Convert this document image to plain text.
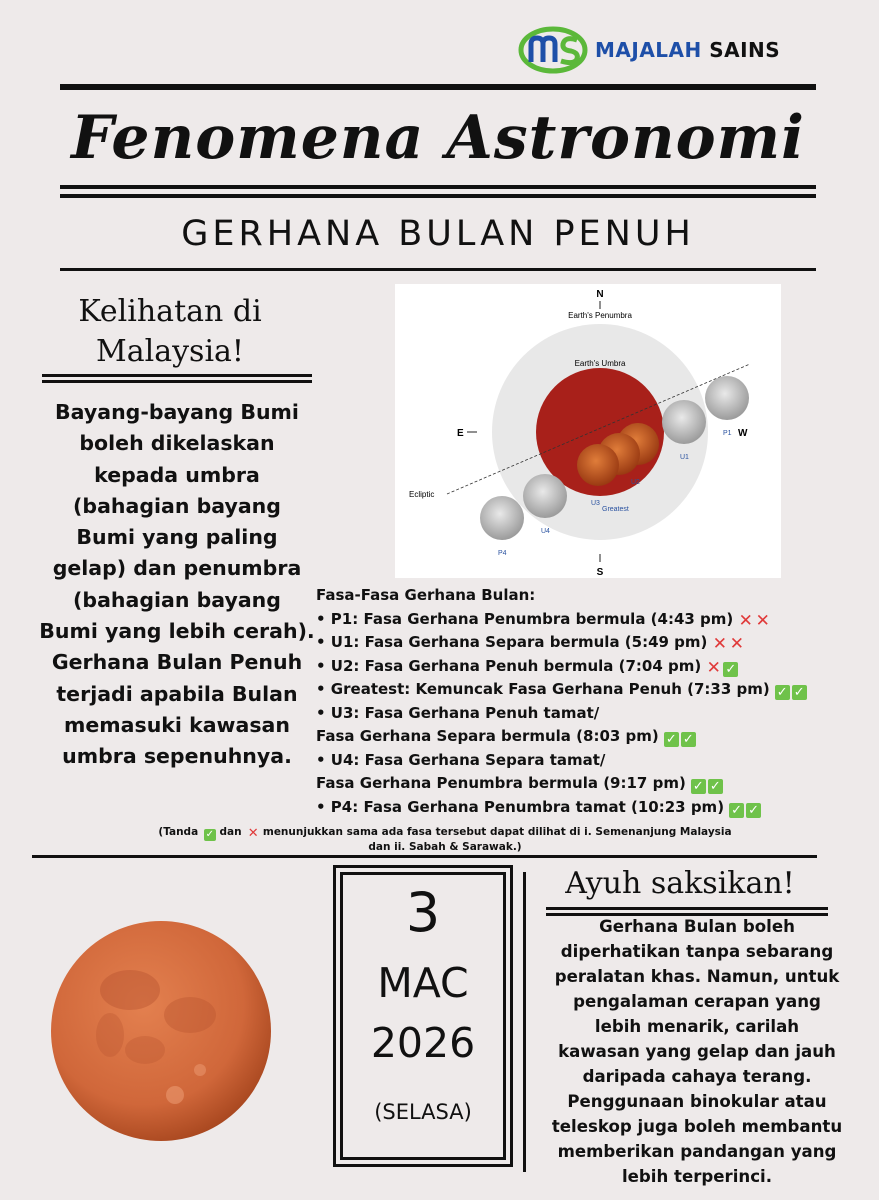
MAJALAH SAINS
Fenomena Astronomi
GERHANA BULAN PENUH
Kelihatan di
Malaysia!
Bayang-bayang Bumi
boleh dikelaskan
kepada umbra
(bahagian bayang
Bumi yang paling
gelap) dan penumbra
(bahagian bayang
Bumi yang lebih cerah).
Gerhana Bulan Penuh
terjadi apabila Bulan
memasuki kawasan
umbra sepenuhnya.
N
Earth's Penumbra
Earth's Umbra
Ecliptic
E	W
P1
U1
U2
U3
Greatest
U4
P4
S
Fasa-Fasa Gerhana Bulan:
• P1: Fasa Gerhana Penumbra bermula (4:43 pm) ✕ ✕
• U1: Fasa Gerhana Separa bermula (5:49 pm) ✕ ✕
• U2: Fasa Gerhana Penuh bermula (7:04 pm) ✕ ✓
• Greatest: Kemuncak Fasa Gerhana Penuh (7:33 pm) ✓ ✓
• U3: Fasa Gerhana Penuh tamat/
Fasa Gerhana Separa bermula (8:03 pm) ✓ ✓
• U4: Fasa Gerhana Separa tamat/
Fasa Gerhana Penumbra bermula (9:17 pm) ✓ ✓
• P4: Fasa Gerhana Penumbra tamat (10:23 pm) ✓ ✓
(Tanda ✓ dan ✕ menunjukkan sama ada fasa tersebut dapat dilihat di i. Semenanjung Malaysia
dan ii. Sabah & Sarawak.)
3
MAC
2026
(SELASA)
Ayuh saksikan!
Gerhana Bulan boleh
diperhatikan tanpa sebarang
peralatan khas. Namun, untuk
pengalaman cerapan yang
lebih menarik, carilah
kawasan yang gelap dan jauh
daripada cahaya terang.
Penggunaan binokular atau
teleskop juga boleh membantu
memberikan pandangan yang
lebih terperinci.
